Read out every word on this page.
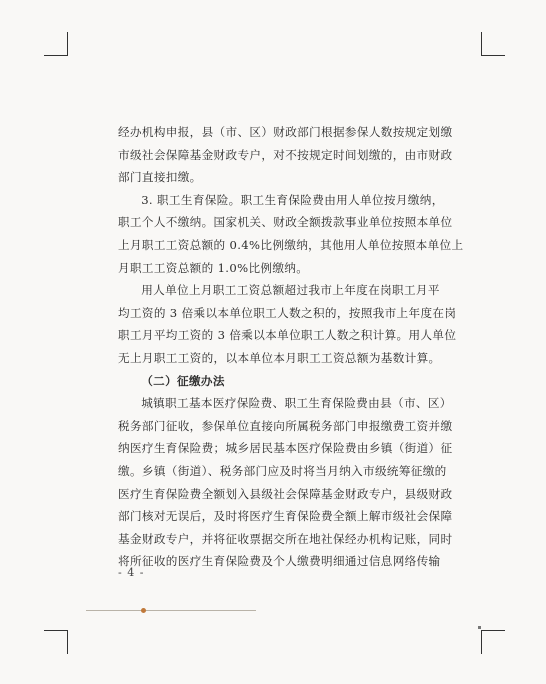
经办机构申报，县（市、区）财政部门根据参保人数按规定划缴
市级社会保障基金财政专户，对不按规定时间划缴的，由市财政
部门直接扣缴。

3. 职工生育保险。职工生育保险费由用人单位按月缴纳，
职工个人不缴纳。国家机关、财政全额拨款事业单位按照本单位
上月职工工资总额的 0.4%比例缴纳，其他用人单位按照本单位上
月职工工资总额的 1.0%比例缴纳。

用人单位上月职工工资总额超过我市上年度在岗职工月平
均工资的 3 倍乘以本单位职工人数之积的，按照我市上年度在岗
职工月平均工资的 3 倍乘以本单位职工人数之积计算。用人单位
无上月职工工资的，以本单位本月职工工资总额为基数计算。

（二）征缴办法

城镇职工基本医疗保险费、职工生育保险费由县（市、区）
税务部门征收，参保单位直接向所属税务部门申报缴费工资并缴
纳医疗生育保险费；城乡居民基本医疗保险费由乡镇（街道）征
缴。乡镇（街道）、税务部门应及时将当月纳入市级统筹征缴的
医疗生育保险费全额划入县级社会保障基金财政专户，县级财政
部门核对无误后，及时将医疗生育保险费全额上解市级社会保障
基金财政专户，并将征收票据交所在地社保经办机构记账，同时
将所征收的医疗生育保险费及个人缴费明细通过信息网络传输

- 4 -
